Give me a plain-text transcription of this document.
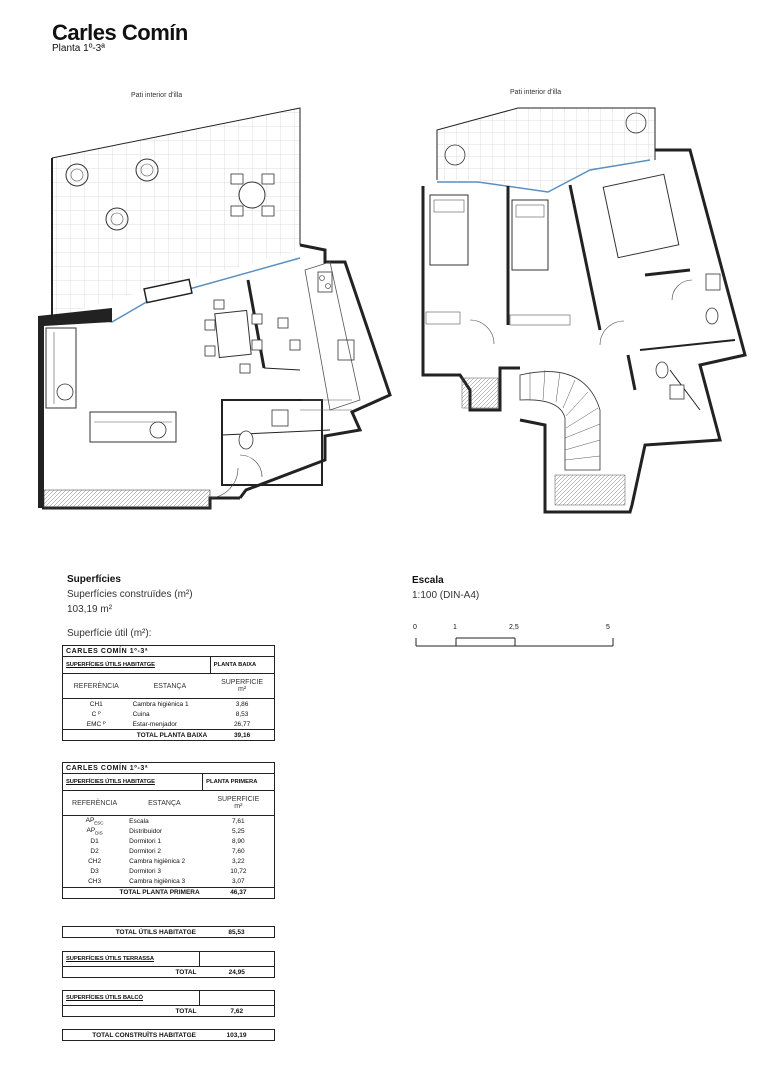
Carles Comín
Planta 1º-3ª
Pati interior d'illa	Pati interior d'illa
Superfícies
Superfícies construïdes (m²)
103,19 m²
Superfície útil (m²):
Escala
1:100 (DIN-A4)
0	1	2,5	5
CARLES COMÍN 1º-3ª		
SUPERFÍCIES ÚTILS HABITATGE		PLANTA BAIXA
REFERÈNCIA	ESTANÇA	SUPERFICIE
m²
CH1	Cambra higiènica 1	3,86
C ᴾ	Cuina	8,53
EMC ᴾ	Estar-menjador	26,77
TOTAL PLANTA BAIXA		39,16
CARLES COMÍN 1º-3ª		
SUPERFÍCIES ÚTILS HABITATGE		PLANTA PRIMERA
REFERÈNCIA	ESTANÇA	SUPERFICIE
m²
$AP_{ESC}$	Escala	7,61
$AP_{DIS}$	Distribuidor	5,25
D1	Dormitori 1	8,90
D2	Dormitori 2	7,60
CH2	Cambra higiènica 2	3,22
D3	Dormitori 3	10,72
CH3	Cambra higiènica 3	3,07
TOTAL PLANTA PRIMERA		46,37
TOTAL ÚTILS HABITATGE	85,53
SUPERFÍCIES ÚTILS TERRASSA	
TOTAL	24,95
SUPERFÍCIES ÚTILS BALCÓ	
TOTAL	7,62
TOTAL CONSTRUÏTS HABITATGE	103,19
